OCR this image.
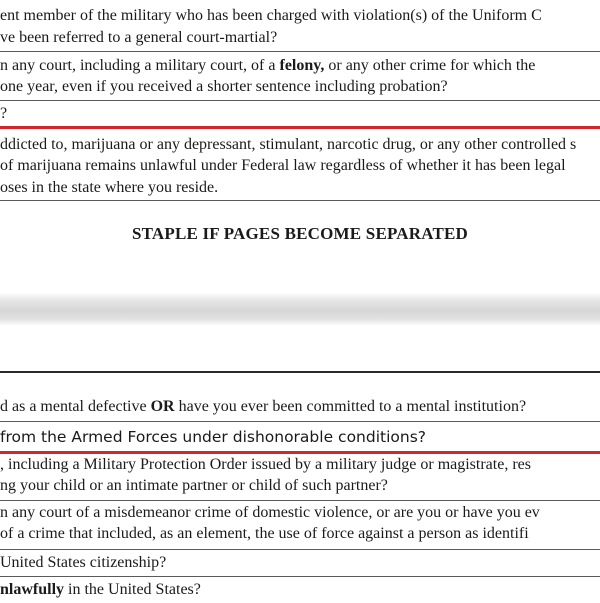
ent member of the military who has been charged with violation(s) of the Uniform C
ve been referred to a general court-martial?
n any court, including a military court, of a felony, or any other crime for which the
one year, even if you received a shorter sentence including probation?
?
ddicted to, marijuana or any depressant, stimulant, narcotic drug, or any other controlled s
of marijuana remains unlawful under Federal law regardless of whether it has been legal
oses in the state where you reside.
STAPLE IF PAGES BECOME SEPARATED
d as a mental defective OR have you ever been committed to a mental institution?
from the Armed Forces under dishonorable conditions?
, including a Military Protection Order issued by a military judge or magistrate, res
ng your child or an intimate partner or child of such partner?
n any court of a misdemeanor crime of domestic violence, or are you or have you ev
of a crime that included, as an element, the use of force against a person as identifi
United States citizenship?
nlawfully in the United States?
